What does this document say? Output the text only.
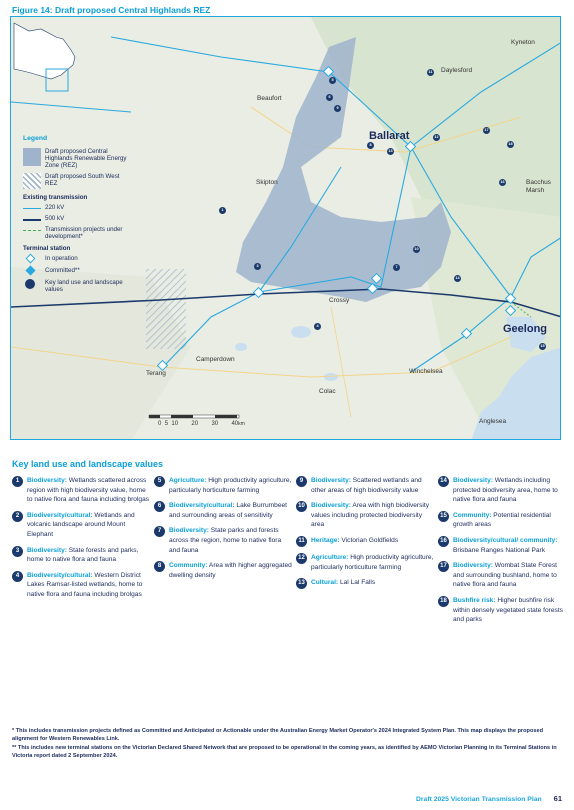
Figure 14: Draft proposed Central Highlands REZ
Kyneton
Daylesford
Beaufort
Ballarat
Skipton	Bacchus Marsh
Crossy
Geelong
Camperdown
Terang	Winchelsea
Colac
Anglesea
1
3
4
5
6
7
8
9
10
11
12
13
14
15
16
17
18
Legend
Draft proposed Central Highlands Renewable Energy Zone (REZ)
Draft proposed South West REZ
Existing transmission
220 kV
500 kV
Transmission projects under development*
Terminal station
In operation
Committed**
Key land use and landscape values
0 5 10 20 30 40km
Key land use and landscape values
1	Biodiversity: Wetlands scattered across region with high biodiversity value, home to native flora and fauna including brolgas
2	Biodiversity/cultural: Wetlands and volcanic landscape around Mount Elephant
3	Biodiversity: State forests and parks, home to native flora and fauna
4	Biodiversity/cultural: Western District Lakes Ramsar-listed wetlands, home to native flora and fauna including brolgas
5	Agriculture: High productivity agriculture, particularly horticulture farming
6	Biodiversity/cultural: Lake Burrumbeet and surrounding areas of sensitivity
7	Biodiversity: State parks and forests across the region, home to native flora and fauna
8	Community: Area with higher aggregated dwelling density
9	Biodiversity: Scattered wetlands and other areas of high biodiversity value
10 Biodiversity: Area with high biodiversity values including protected biodiversity area
11 Heritage: Victorian Goldfields
12 Agriculture: High productivity agriculture, particularly horticulture farming
13 Cultural: Lal Lal Falls
14 Biodiversity: Wetlands including protected biodiversity area, home to native flora and fauna
15 Community: Potential residential growth areas
16 Biodiversity/cultural/ community: Brisbane Ranges National Park
17 Biodiversity: Wombat State Forest and surrounding bushland, home to native flora and fauna
18 Bushfire risk: Higher bushfire risk within densely vegetated state forests and parks
* This includes transmission projects defined as Committed and Anticipated or Actionable under the Australian Energy Market Operator's 2024 Integrated System Plan. This map displays the proposed alignment for Western Renewables Link.
** This includes new terminal stations on the Victorian Declared Shared Network that are proposed to be operational in the coming years, as identified by AEMO Victorian Planning in its Terminal Stations in Victoria report dated 2 September 2024.
Draft 2025 Victorian Transmission Plan 61
